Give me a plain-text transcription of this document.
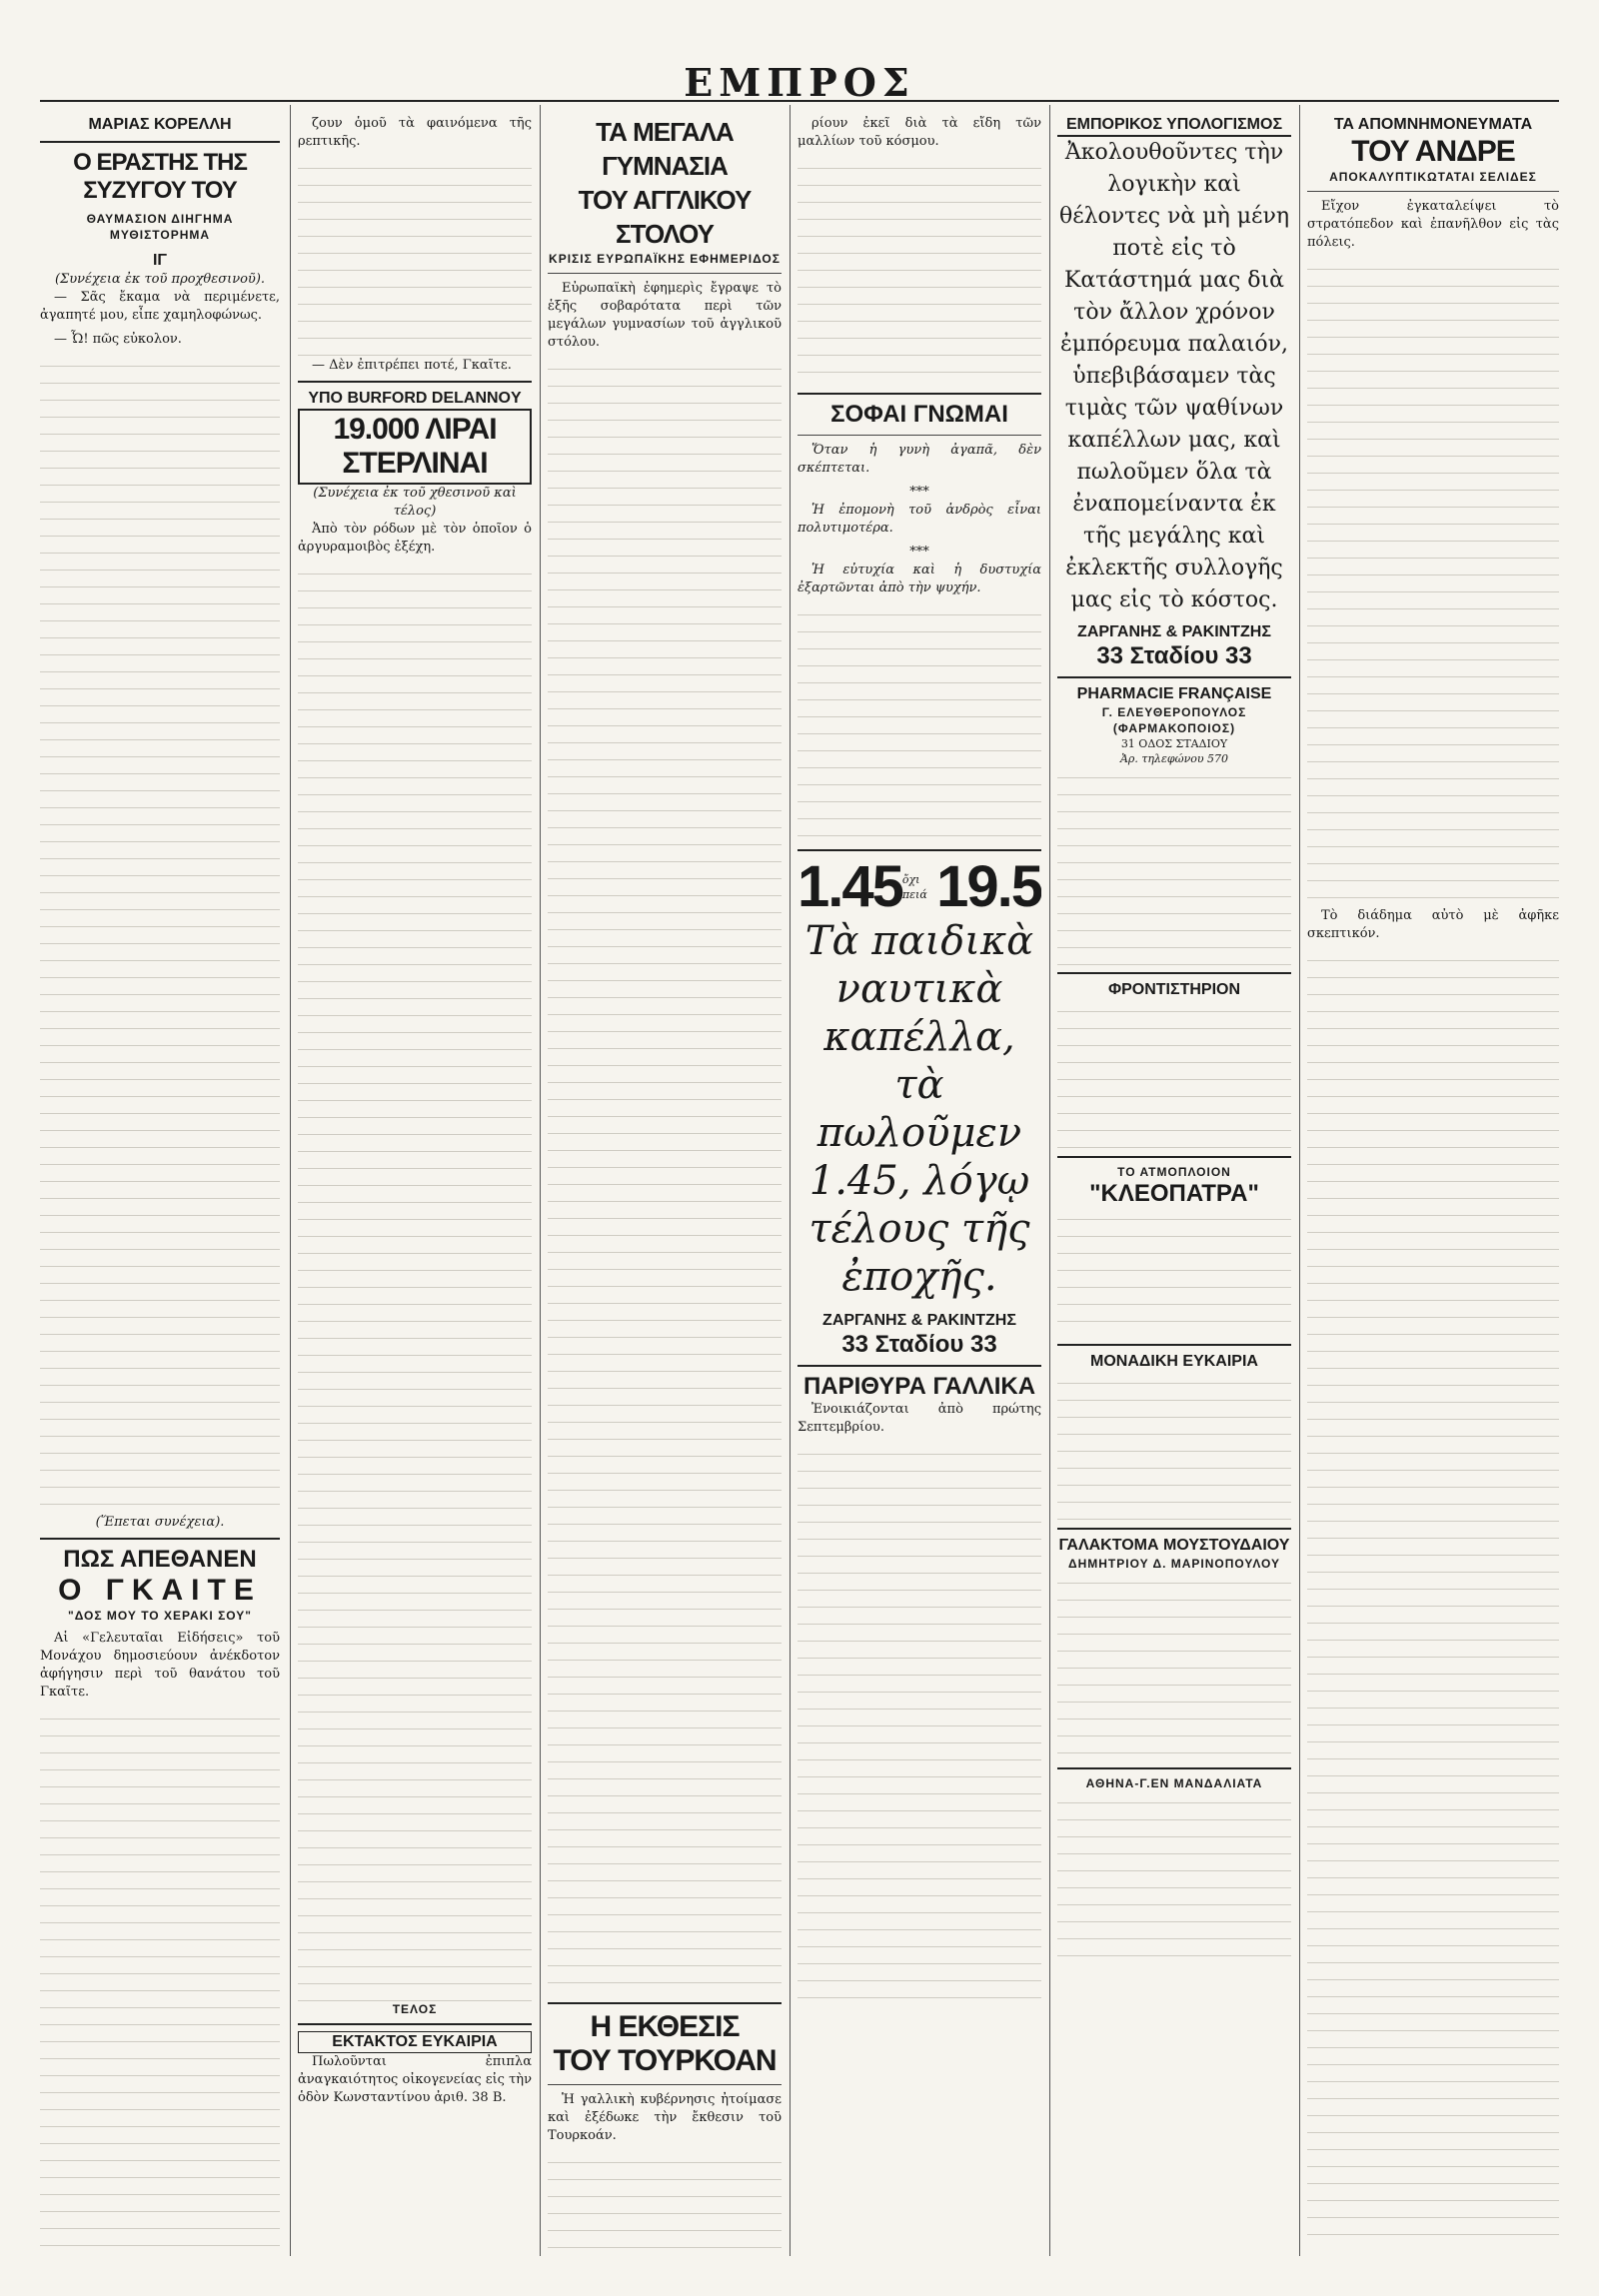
ΕΜΠΡΟΣ
ΜΑΡΙΑΣ ΚΟΡΕΛΛΗ
Ο ΕΡΑΣΤΗΣ ΤΗΣ ΣΥΖΥΓΟΥ ΤΟΥ
ΘΑΥΜΑΣΙΟΝ ΔΙΗΓΗΜΑ ΜΥΘΙΣΤΟΡΗΜΑ
ΙΓ
(Συνέχεια ἐκ τοῦ προχθεσινοῦ).

— Σᾶς ἔκαμα νὰ περιμένετε, ἀγαπητέ μου, εἶπε χαμηλοφώνως.

— Ὦ! πῶς εὐκολον.

(Ἕπεται συνέχεια).
ΠΩΣ ΑΠΕΘΑΝΕΝ
Ο ΓΚΑΙΤΕ
"ΔΟΣ ΜΟΥ ΤΟ ΧΕΡΑΚΙ ΣΟΥ"

Αἱ «Γελευταῖαι Εἰδήσεις» τοῦ Μονάχου δημοσιεύουν ἀνέκδοτον ἀφήγησιν περὶ τοῦ θανάτου τοῦ Γκαῖτε.

ζουν ὁμοῦ τὰ φαινόμενα τῆς ρεπτικῆς.

— Δὲν ἐπιτρέπει ποτέ, Γκαῖτε.

ΥΠΟ BURFORD DELANNOY
19.000 ΛΙΡΑΙ ΣΤΕΡΛΙΝΑΙ
(Συνέχεια ἐκ τοῦ χθεσινοῦ καὶ τέλος)

Ἀπὸ τὸν ρόδων μὲ τὸν ὁποῖον ὁ ἀργυραμοιβὸς ἐξέχη.

ΤΕΛΟΣ
ΕΚΤΑΚΤΟΣ ΕΥΚΑΙΡΙΑ

Πωλοῦνται ἐπιπλα ἀναγκαιότητος οἰκογενείας εἰς τὴν ὁδὸν Κωνσταντίνου ἀριθ. 38 Β.

ΤΑ ΜΕΓΑΛΑ ΓΥΜΝΑΣΙΑ
ΤΟΥ ΑΓΓΛΙΚΟΥ ΣΤΟΛΟΥ
ΚΡΙΣΙΣ ΕΥΡΩΠΑΪΚΗΣ ΕΦΗΜΕΡΙΔΟΣ

Εὐρωπαϊκὴ ἐφημερὶς ἔγραψε τὸ ἑξῆς σοβαρότατα περὶ τῶν μεγάλων γυμνασίων τοῦ ἀγγλικοῦ στόλου.

Η ΕΚΘΕΣΙΣ
ΤΟΥ ΤΟΥΡΚΟΑΝ

Ἡ γαλλικὴ κυβέρνησις ἠτοίμασε καὶ ἐξέδωκε τὴν ἔκθεσιν τοῦ Τουρκοάν.

ρίουν ἐκεῖ διὰ τὰ εἴδη τῶν μαλλίων τοῦ κόσμου.

ΣΟΦΑΙ ΓΝΩΜΑΙ

Ὅταν ἡ γυνὴ ἀγαπᾶ, δὲν σκέπτεται.

***

Ἡ ἐπομονὴ τοῦ ἀνδρὸς εἶναι πολυτιμοτέρα.

***

Ἡ εὐτυχία καὶ ἡ δυστυχία ἐξαρτῶνται ἀπὸ τὴν ψυχήν.

1.45 ὄχι πειά 19.5
Τὰ παιδικὰ ναυτικὰ καπέλλα, τὰ πωλοῦμεν 1.45, λόγῳ τέλους τῆς ἐποχῆς.
ΖΑΡΓΑΝΗΣ & ΡΑΚΙΝΤΖΗΣ
33 Σταδίου 33
ΠΑΡΙΘΥΡΑ ΓΑΛΛΙΚΑ

Ἐνοικιάζονται ἀπὸ πρώτης Σεπτεμβρίου.

ΕΜΠΟΡΙΚΟΣ ΥΠΟΛΟΓΙΣΜΟΣ
Ἀκολουθοῦντες τὴν λογικὴν καὶ θέλοντες νὰ μὴ μένη ποτὲ εἰς τὸ Κατάστημά μας διὰ τὸν ἄλλον χρόνον ἐμπόρευμα παλαιόν, ὑπεβιβάσαμεν τὰς τιμὰς τῶν ψαθίνων καπέλλων μας, καὶ πωλοῦμεν ὅλα τὰ ἐναπομείναντα ἐκ τῆς μεγάλης καὶ ἐκλεκτῆς συλλογῆς μας εἰς τὸ κόστος.
ΖΑΡΓΑΝΗΣ & ΡΑΚΙΝΤΖΗΣ
33 Σταδίου 33
PHARMACIE FRANÇAISE
Γ. ΕΛΕΥΘΕΡΟΠΟΥΛΟΣ (ΦΑΡΜΑΚΟΠΟΙΟΣ)
31 ΟΔΟΣ ΣΤΑΔΙΟΥ
Ἀρ. τηλεφώνου 570
ΦΡΟΝΤΙΣΤΗΡΙΟΝ
ΤΟ ΑΤΜΟΠΛΟΙΟΝ
"ΚΛΕΟΠΑΤΡΑ"
ΜΟΝΑΔΙΚΗ ΕΥΚΑΙΡΙΑ
ΓΑΛΑΚΤΟΜΑ ΜΟΥΣΤΟΥΔΑΙΟΥ
ΔΗΜΗΤΡΙΟΥ Δ. ΜΑΡΙΝΟΠΟΥΛΟΥ
ΑΘΗΝΑ-Γ.ΕΝ ΜΑΝΔΑΛΙΑΤΑ
ΤΑ ΑΠΟΜΝΗΜΟΝΕΥΜΑΤΑ
ΤΟΥ ΑΝΔΡΕ
ΑΠΟΚΑΛΥΠΤΙΚΩΤΑΤΑΙ ΣΕΛΙΔΕΣ

Εἴχον ἐγκαταλείψει τὸ στρατόπεδον καὶ ἐπανῆλθον εἰς τὰς πόλεις.

Τὸ διάδημα αὐτὸ μὲ ἀφῆκε σκεπτικόν.
